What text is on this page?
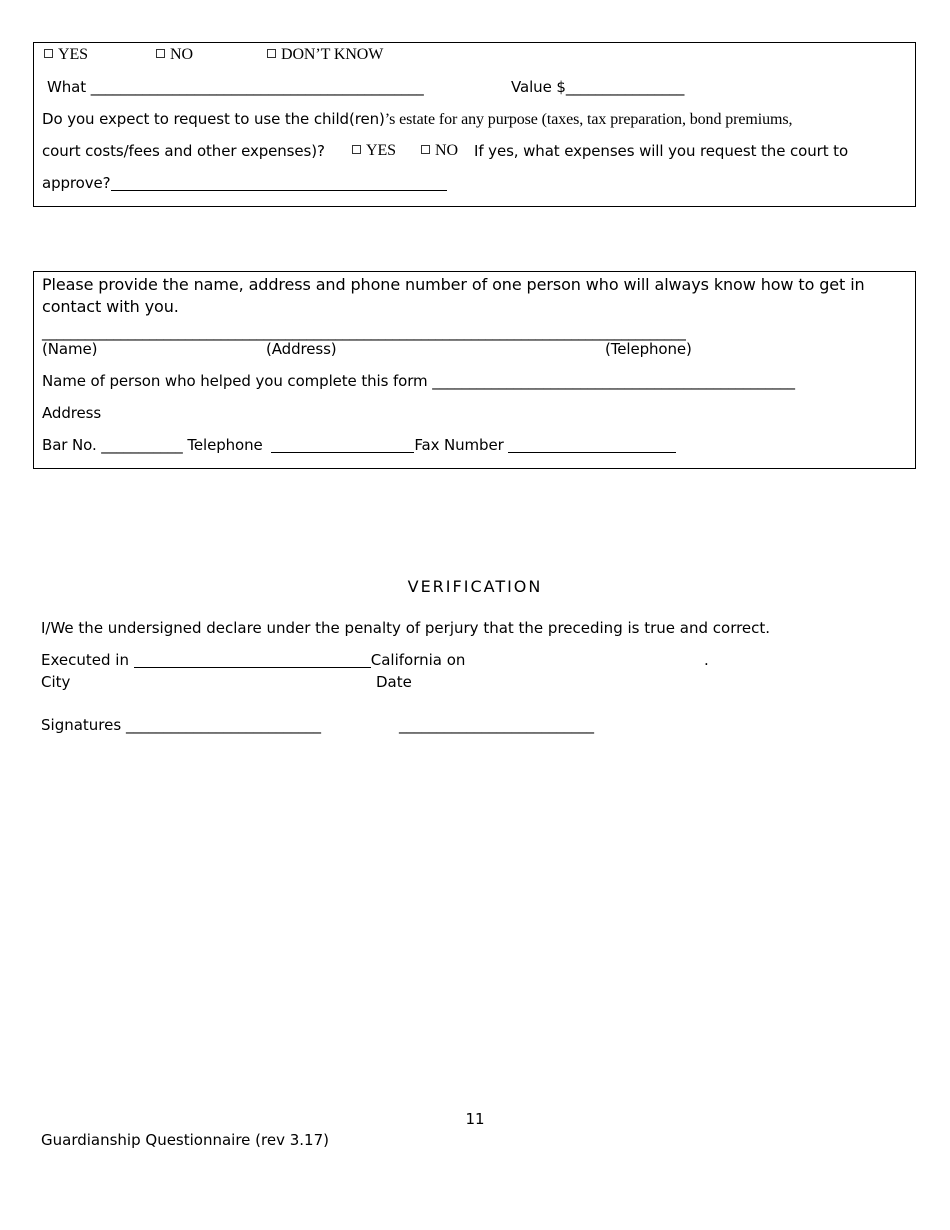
YES	NO	DON’T KNOW
What _____________________________________________	Value $________________
Do you expect to request to use the child(ren)’s estate for any purpose (taxes, tax preparation, bond premiums,
court costs/fees and other expenses)?	YES	NO If yes, what expenses will you request the court to
approve?
Please provide the name, address and phone number of one person who will always know how to get in
contact with you.
__________________________________________________________________________________________
(Name)	(Address)	(Telephone)
Name of person who helped you complete this form _________________________________________________
Address
Bar No. ___________ Telephone	Fax Number
VERIFICATION
I/We the undersigned declare under the penalty of perjury that the preceding is true and correct.
Executed in	California on	.
City	Date
Signatures __________________________	__________________________
11
Guardianship Questionnaire (rev 3.17)
